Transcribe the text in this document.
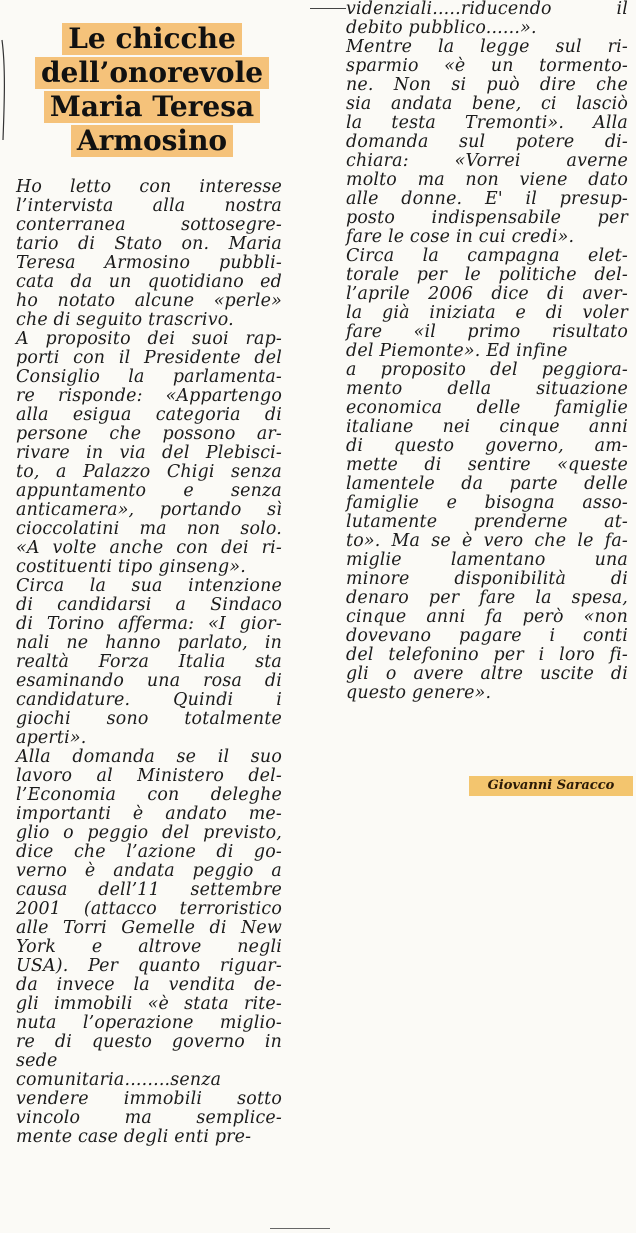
Le chicche
dell’onorevole
Maria Teresa
Armosino

Ho letto con interesse
l’intervista alla nostra
conterranea sottosegre-
tario di Stato on. Maria
Teresa Armosino pubbli-
cata da un quotidiano ed
ho notato alcune «perle»
che di seguito trascrivo.
A proposito dei suoi rap-
porti con il Presidente del
Consiglio la parlamenta-
re risponde: «Appartengo
alla esigua categoria di
persone che possono ar-
rivare in via del Plebisci-
to, a Palazzo Chigi senza
appuntamento e senza
anticamera», portando sì
cioccolatini ma non solo.
«A volte anche con dei ri-
costituenti tipo ginseng».
Circa la sua intenzione
di candidarsi a Sindaco
di Torino afferma: «I gior-
nali ne hanno parlato, in
realtà Forza Italia sta
esaminando una rosa di
candidature. Quindi i
giochi sono totalmente
aperti».
Alla domanda se il suo
lavoro al Ministero del-
l’Economia con deleghe
importanti è andato me-
glio o peggio del previsto,
dice che l’azione di go-
verno è andata peggio a
causa dell’11 settembre
2001 (attacco terroristico
alle Torri Gemelle di New
York e altrove negli
USA). Per quanto riguar-
da invece la vendita de-
gli immobili «è stata rite-
nuta l’operazione miglio-
re di questo governo in
sede
comunitaria........senza
vendere immobili sotto
vincolo ma semplice-
mente case degli enti pre-

videnziali.....riducendo il
debito pubblico......».
Mentre la legge sul ri-
sparmio «è un tormento-
ne. Non si può dire che
sia andata bene, ci lasciò
la testa Tremonti». Alla
domanda sul potere di-
chiara: «Vorrei averne
molto ma non viene dato
alle donne. E' il presup-
posto indispensabile per
fare le cose in cui credi».
Circa la campagna elet-
torale per le politiche del-
l’aprile 2006 dice di aver-
la già iniziata e di voler
fare «il primo risultato
del Piemonte». Ed infine
a proposito del peggiora-
mento della situazione
economica delle famiglie
italiane nei cinque anni
di questo governo, am-
mette di sentire «queste
lamentele da parte delle
famiglie e bisogna asso-
lutamente prenderne at-
to». Ma se è vero che le fa-
miglie lamentano una
minore disponibilità di
denaro per fare la spesa,
cinque anni fa però «non
dovevano pagare i conti
del telefonino per i loro fi-
gli o avere altre uscite di
questo genere».

Giovanni Saracco
